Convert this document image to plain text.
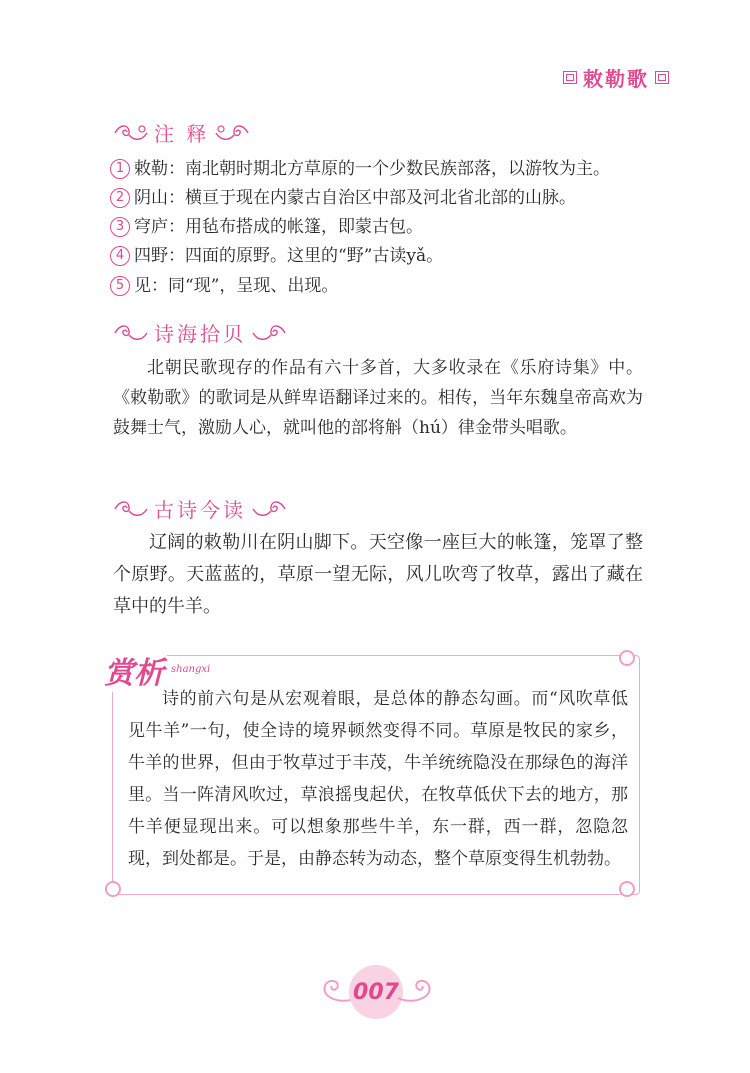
敕勒歌
注 释
1 敕勒：南北朝时期北方草原的一个少数民族部落，以游牧为主。
2 阴山：横亘于现在内蒙古自治区中部及河北省北部的山脉。
3 穹庐：用毡布搭成的帐篷，即蒙古包。
4 四野：四面的原野。这里的“野”古读yǎ。
5 见：同“现”，呈现、出现。
诗海拾贝
北朝民歌现存的作品有六十多首，大多收录在《乐府诗集》中。《敕勒歌》的歌词是从鲜卑语翻译过来的。相传，当年东魏皇帝高欢为鼓舞士气，激励人心，就叫他的部将斛（hú）律金带头唱歌。
古诗今读
辽阔的敕勒川在阴山脚下。天空像一座巨大的帐篷，笼罩了整个原野。天蓝蓝的，草原一望无际，风儿吹弯了牧草，露出了藏在草中的牛羊。
赏析 shangxi
诗的前六句是从宏观着眼，是总体的静态勾画。而“风吹草低见牛羊”一句，使全诗的境界顿然变得不同。草原是牧民的家乡，牛羊的世界，但由于牧草过于丰茂，牛羊统统隐没在那绿色的海洋里。当一阵清风吹过，草浪摇曳起伏，在牧草低伏下去的地方，那牛羊便显现出来。可以想象那些牛羊，东一群，西一群，忽隐忽现，到处都是。于是，由静态转为动态，整个草原变得生机勃勃。
007
